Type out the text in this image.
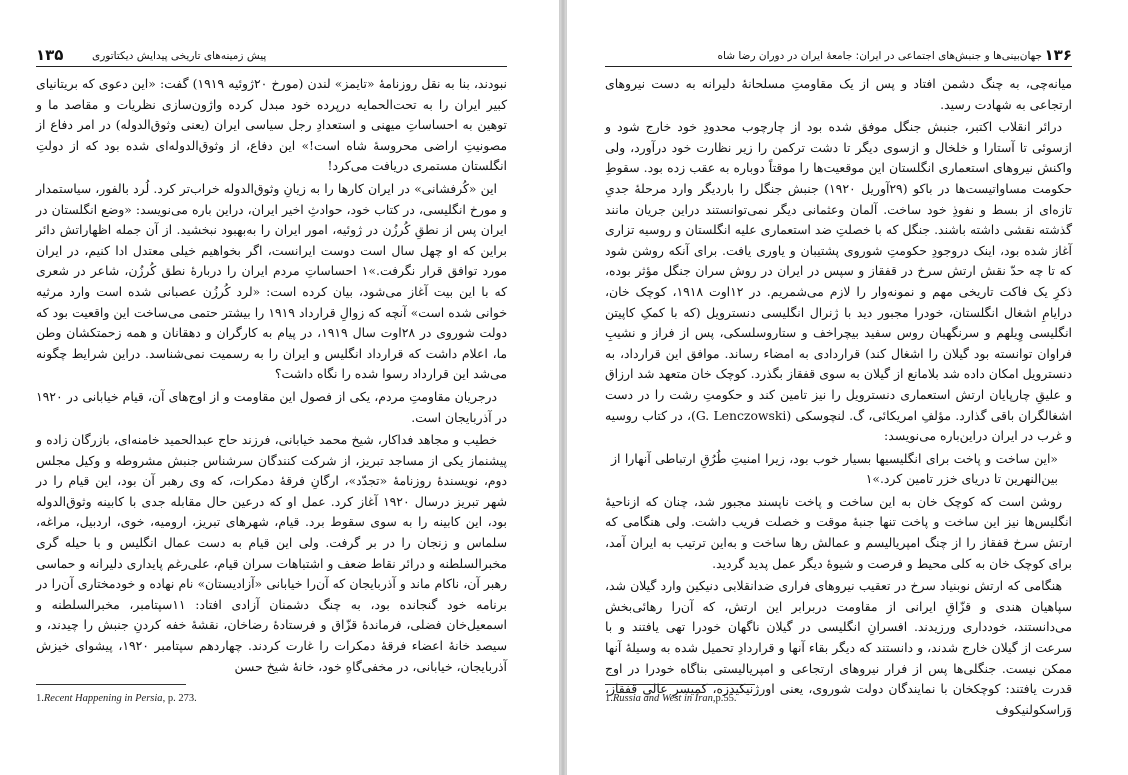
۱۳۵	پیش زمینه‌های تاریخی پیدایش دیکتاتوری

نبودند، بنا به نقل روزنامهٔ «تایمز» لندن (مورخ ۲۰ژوئیه ۱۹۱۹) گفت: «این دعوی که بریتانیای کبیر ایران را به تحت‌الحمایه درپرده خود مبدل کرده واژون‌سازی نظریات و مقاصد ما و توهین به احساساتِ میهنی و استعدادِ رجل سیاسی ایران (یعنی وثوق‌الدوله) در امر دفاع از مصونیتِ اراضی محروسهٔ شاه است!» این دفاع، از وثوق‌الدوله‌ای شده بود که از دولتِ انگلستان مستمری دریافت می‌کرد!

این «کُرفشانی» در ایران کارها را به زیانِ وثوق‌الدوله خراب‌تر کرد. لُرد بالفور، سیاستمدار و مورخ انگلیسی، در کتاب خود، حوادثِ اخیر ایران، دراین باره می‌نویسد: «وضع انگلستان در ایران پس از نطقِ کُرزُن در ژوئیه، امور ایران را به‌بهبود نبخشید. از آن جمله اظهاراتش دائر براین که او چهل سال است دوست ایرانست، اگر بخواهیم خیلی معتدل ادا کنیم، در ایران مورد توافق قرار نگرفت.»۱ احساساتِ مردم ایران را دربارهٔ نطق کُرزُن، شاعر در شعری که با این بیت آغاز می‌شود، بیان کرده است: «لرد کُرزُن عصبانی شده است وارد مرثیه خوانی شده است» آنچه که زوالِ قرارداد ۱۹۱۹ را بیشتر حتمی می‌ساخت این واقعیت بود که دولت شوروی در ۲۸اوت سال ۱۹۱۹، در پیام به کارگران و دهقانان و همه زحمتکشان وطن ما، اعلام داشت که قرارداد انگلیس و ایران را به رسمیت نمی‌شناسد. دراین شرایط چگونه می‌شد این قرارداد رسوا شده را نگاه داشت؟

درجریان مقاومتِ مردم، یکی از فصول این مقاومت و از اوج‌های آن، قیام خیابانی در ۱۹۲۰ در آذربایجان است.

خطیب و مجاهد فداکار، شیخ محمد خیابانی، فرزند حاج عبدالحمید خامنه‌ای، بازرگان زاده و پیشنماز یکی از مساجد تبریز، از شرکت کنندگان سرشناس جنبش مشروطه و وکیل مجلس دوم، نویسندهٔ روزنامهٔ «تجدّد»، ارگانِ فرقهٔ دمکرات، که وی رهبر آن بود، این قیام را در شهر تبریز درسال ۱۹۲۰ آغاز کرد. عمل او که درعین حال مقابله جدی با کابینه وثوق‌الدوله بود، این کابینه را به سوی سقوط برد. قیام، شهرهای تبریز، ارومیه، خوی، اردبیل، مراغه، سلماس و زنجان را در بر گرفت. ولی این قیام به دست عمال انگلیس و با حیله گری مخبرالسلطنه و درائر نقاط ضعف و اشتباهات سران قیام، علی‌رغم پایداری دلیرانه و حماسی رهبر آن، ناکام ماند و آذربایجان که آن‌را خیابانی «آزادیستان» نام نهاده و خودمختاری آن‌را در برنامه خود گنجانده بود، به چنگ دشمنان آزادی افتاد: ۱۱سپتامبر، مخبرالسلطنه و اسمعیل‌خان فضلی، فرماندهٔ قزّاق و فرستادهٔ رضاخان، نقشهٔ خفه کردنِ جنبش را چیدند، و سیصد خانهٔ اعضاء فرقهٔ دمکرات را غارت کردند. چهاردهم سپتامبر ۱۹۲۰، پیشوای خیزش آذربایجان، خیابانی، در مخفی‌گاهِ خود، خانهٔ شیخ حسن

1.Recent Happening in Persia, p. 273.
۱۳۶
جهان‌بینی‌ها و جنبش‌های اجتماعی در ایران: جامعهٔ ایران در دوران رضا شاه

میانه‌چی، به چنگ دشمن افتاد و پس از یک مقاومتِ مسلحانهٔ دلیرانه به دست نیروهای ارتجاعی به شهادت رسید.

درائر انقلاب اکتبر، جنبش جنگل موفق شده بود از چارچوب محدودِ خود خارج شود و ازسوئی تا آستارا و خلخال و ازسوی دیگر تا دشت ترکمن را زیر نظارت خود درآورد، ولی واکنش نیروهای استعماری انگلستان این موقعیت‌ها را موقتاً دوباره به عقب زده بود. سقوطِ حکومت مساواتیست‌ها در باکو (۲۹آوریل ۱۹۲۰) جنبش جنگل را باردیگر وارد مرحلهٔ جدیِ تازه‌ای از بسط و نفوذِ خود ساخت. آلمان وعثمانی دیگر نمی‌توانستند دراین جریان مانند گذشته نقشی داشته باشند. جنگل که با خصلتِ ضد استعماری علیه انگلستان و روسیه تزاری آغاز شده بود، اینک درو‌جودِ حکومتِ شوروی پشتیبان و یاوری یافت. برای آنکه روشن شود که تا چه حدّ نقش ارتش سرخ در قفقاز و سپس در ایران در روش سران جنگل مؤثر بوده، ذکرِ یک فاکت تاریخی مهم و نمونه‌وار را لازم می‌شمریم. در ۱۲اوت ۱۹۱۸، کوچک خان، درایامِ اشغال انگلستان، خودرا مجبور دید با ژنرال انگلیسی دنسترویل (که با کمکِ کاپیتن انگلیسی وِیلهم و سرنگهبان روس سفید بیچراخف و ستاروسلسکی، پس از فراز و نشیبِ فراوان توانسته بود گیلان را اشغال کند) قراردادی به امضاء رساند. موافق این قرارداد، به دنسترویل امکان داده شد بلامانع از گیلان به سوی قفقاز بگذرد. کوچک خان متعهد شد ارزاق و علیقِ چارپایان ارتش استعماری دنسترویل را نیز تامین کند و حکومتِ رشت را در دست اشغالگران باقی گذارد. مؤلفِ امریکائی، گ. لنچوسکی (G. Lenczowski)، در کتاب روسیه و غرب در ایران دراین‌باره می‌نویسد:

«این ساخت و پاخت برای انگلیسیها بسیار خوب بود، زیرا امنیتِ طُرُقِ ارتباطی آنهارا از بین‌النهرین تا دریای خزر تامین کرد.»۱

روشن است که کوچک خان به این ساخت و پاخت ناپسند مجبور شد، چنان که ازناحیهٔ انگلیس‌ها نیز این ساخت و پاخت تنها جنبهٔ موقت و خصلت فریب داشت. ولی هنگامی که ارتش سرخ قفقاز را از چنگ امپریالیسم و عمالش رها ساخت و به‌این ترتیب به ایران آمد، برای کوچک خان به کلی محیط و فرصت و شیوهٔ دیگر عمل پدید گردید.

هنگامی که ارتش نوبنیاد سرخ در تعقیب نیروهای فراری ضدانقلابی دنیکین وارد گیلان شد، سپاهیان هندی و قزّاقِ ایرانی از مقاومت دربرابر این ارتش، که آن‌را رهائی‌بخش می‌دانستند، خودداری ورزیدند. افسرانِ انگلیسی در گیلان ناگهان خودرا تهی یافتند و با سرعت از گیلان خارج شدند، و دانستند که دیگر بقاء آنها و قراردادِ تحمیل شده به وسیلهٔ آنها ممکن نیست. جنگلی‌ها پس از فرار نیروهای ارتجاعی و امپریالیستی بناگاه خودرا در اوج قدرت یافتند: کوچکخان با نمایندگان دولت شوروی، یعنی اورژنیکیدزه، کمیسرِ عالیِ قفقاز، وَراسکولنیکوف

1.Russia and West in Iran,p.55.
